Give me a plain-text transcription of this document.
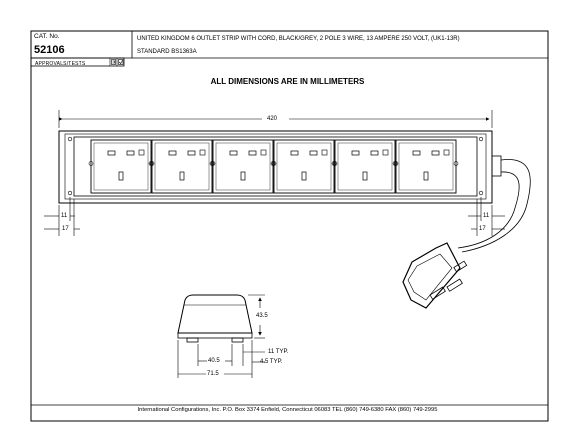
CAT. No.
52106
UNITED KINGDOM 6 OUTLET STRIP WITH CORD, BLACK/GREY, 2 POLE 3 WIRE, 13 AMPERE 250 VOLT, (UK1-13R)
STANDARD BS1363A
APPROVALS/TESTS
ALL DIMENSIONS ARE IN MILLIMETERS
420
11
17
11
17
43.5
40.5
71.5
11 TYP.
4.5 TYP.
International Configurations, Inc. P.O. Box 3374 Enfield, Connecticut 06083 TEL (860) 749-6380 FAX (860) 749-2995
